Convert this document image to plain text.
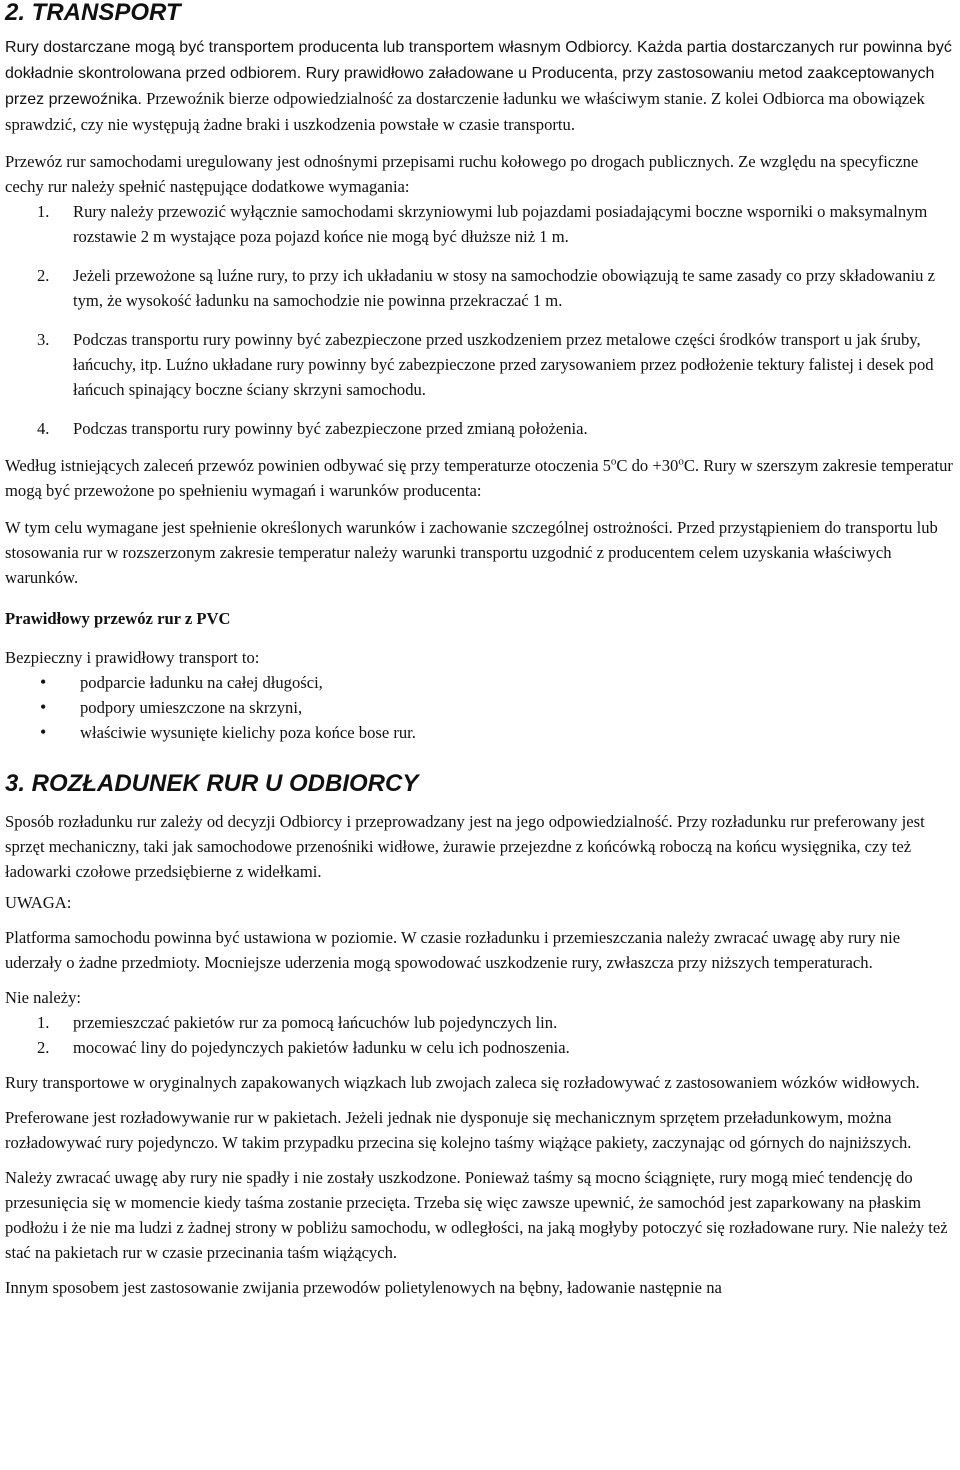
2. TRANSPORT

Rury dostarczane mogą być transportem producenta lub transportem własnym Odbiorcy. Każda partia dostarczanych rur powinna być dokładnie skontrolowana przed odbiorem. Rury prawidłowo załadowane u Producenta, przy zastosowaniu metod zaakceptowanych przez przewoźnika. Przewoźnik bierze odpowiedzialność za dostarczenie ładunku we właściwym stanie. Z kolei Odbiorca ma obowiązek sprawdzić, czy nie występują żadne braki i uszkodzenia powstałe w czasie transportu.

Przewóz rur samochodami uregulowany jest odnośnymi przepisami ruchu kołowego po drogach publicznych. Ze względu na specyficzne cechy rur należy spełnić następujące dodatkowe wymagania:

1.	Rury należy przewozić wyłącznie samochodami skrzyniowymi lub pojazdami posiadającymi boczne wsporniki o maksymalnym rozstawie 2 m wystające poza pojazd końce nie mogą być dłuższe niż 1 m.
2.	Jeżeli przewożone są luźne rury, to przy ich układaniu w stosy na samochodzie obowiązują te same zasady co przy składowaniu z tym, że wysokość ładunku na samochodzie nie powinna przekraczać 1 m.
3.	Podczas transportu rury powinny być zabezpieczone przed uszkodzeniem przez metalowe części środków transport u jak śruby, łańcuchy, itp. Luźno układane rury powinny być zabezpieczone przed zarysowaniem przez podłożenie tektury falistej i desek pod łańcuch spinający boczne ściany skrzyni samochodu.
4.	Podczas transportu rury powinny być zabezpieczone przed zmianą położenia.

Według istniejących zaleceń przewóz powinien odbywać się przy temperaturze otoczenia 5$^o$C do $+30^oC$. Rury w szerszym zakresie temperatur mogą być przewożone po spełnieniu wymagań i warunków producenta:

W tym celu wymagane jest spełnienie określonych warunków i zachowanie szczególnej ostrożności. Przed przystąpieniem do transportu lub stosowania rur w rozszerzonym zakresie temperatur należy warunki transportu uzgodnić z producentem celem uzyskania właściwych warunków.

Prawidłowy przewóz rur z PVC

Bezpieczny i prawidłowy transport to:

•	podparcie ładunku na całej długości,
•	podpory umieszczone na skrzyni,
•	właściwie wysunięte kielichy poza końce bose rur.
3. ROZŁADUNEK RUR U ODBIORCY

Sposób rozładunku rur zależy od decyzji Odbiorcy i przeprowadzany jest na jego odpowiedzialność. Przy rozładunku rur preferowany jest sprzęt mechaniczny, taki jak samochodowe przenośniki widłowe, żurawie przejezdne z końcówką roboczą na końcu wysięgnika, czy też ładowarki czołowe przedsiębierne z widełkami.

UWAGA:

Platforma samochodu powinna być ustawiona w poziomie. W czasie rozładunku i przemieszczania należy zwracać uwagę aby rury nie uderzały o żadne przedmioty. Mocniejsze uderzenia mogą spowodować uszkodzenie rury, zwłaszcza przy niższych temperaturach.

Nie należy:

1.	przemieszczać pakietów rur za pomocą łańcuchów lub pojedynczych lin.
2.	mocować liny do pojedynczych pakietów ładunku w celu ich podnoszenia.

Rury transportowe w oryginalnych zapakowanych wiązkach lub zwojach zaleca się rozładowywać z zastosowaniem wózków widłowych.

Preferowane jest rozładowywanie rur w pakietach. Jeżeli jednak nie dysponuje się mechanicznym sprzętem przeładunkowym, można rozładowywać rury pojedynczo. W takim przypadku przecina się kolejno taśmy wiążące pakiety, zaczynając od górnych do najniższych.

Należy zwracać uwagę aby rury nie spadły i nie zostały uszkodzone. Ponieważ taśmy są mocno ściągnięte, rury mogą mieć tendencję do przesunięcia się w momencie kiedy taśma zostanie przecięta. Trzeba się więc zawsze upewnić, że samochód jest zaparkowany na płaskim podłożu i że nie ma ludzi z żadnej strony w pobliżu samochodu, w odległości, na jaką mogłyby potoczyć się rozładowane rury. Nie należy też stać na pakietach rur w czasie przecinania taśm wiążących.

Innym sposobem jest zastosowanie zwijania przewodów polietylenowych na bębny, ładowanie następnie na
